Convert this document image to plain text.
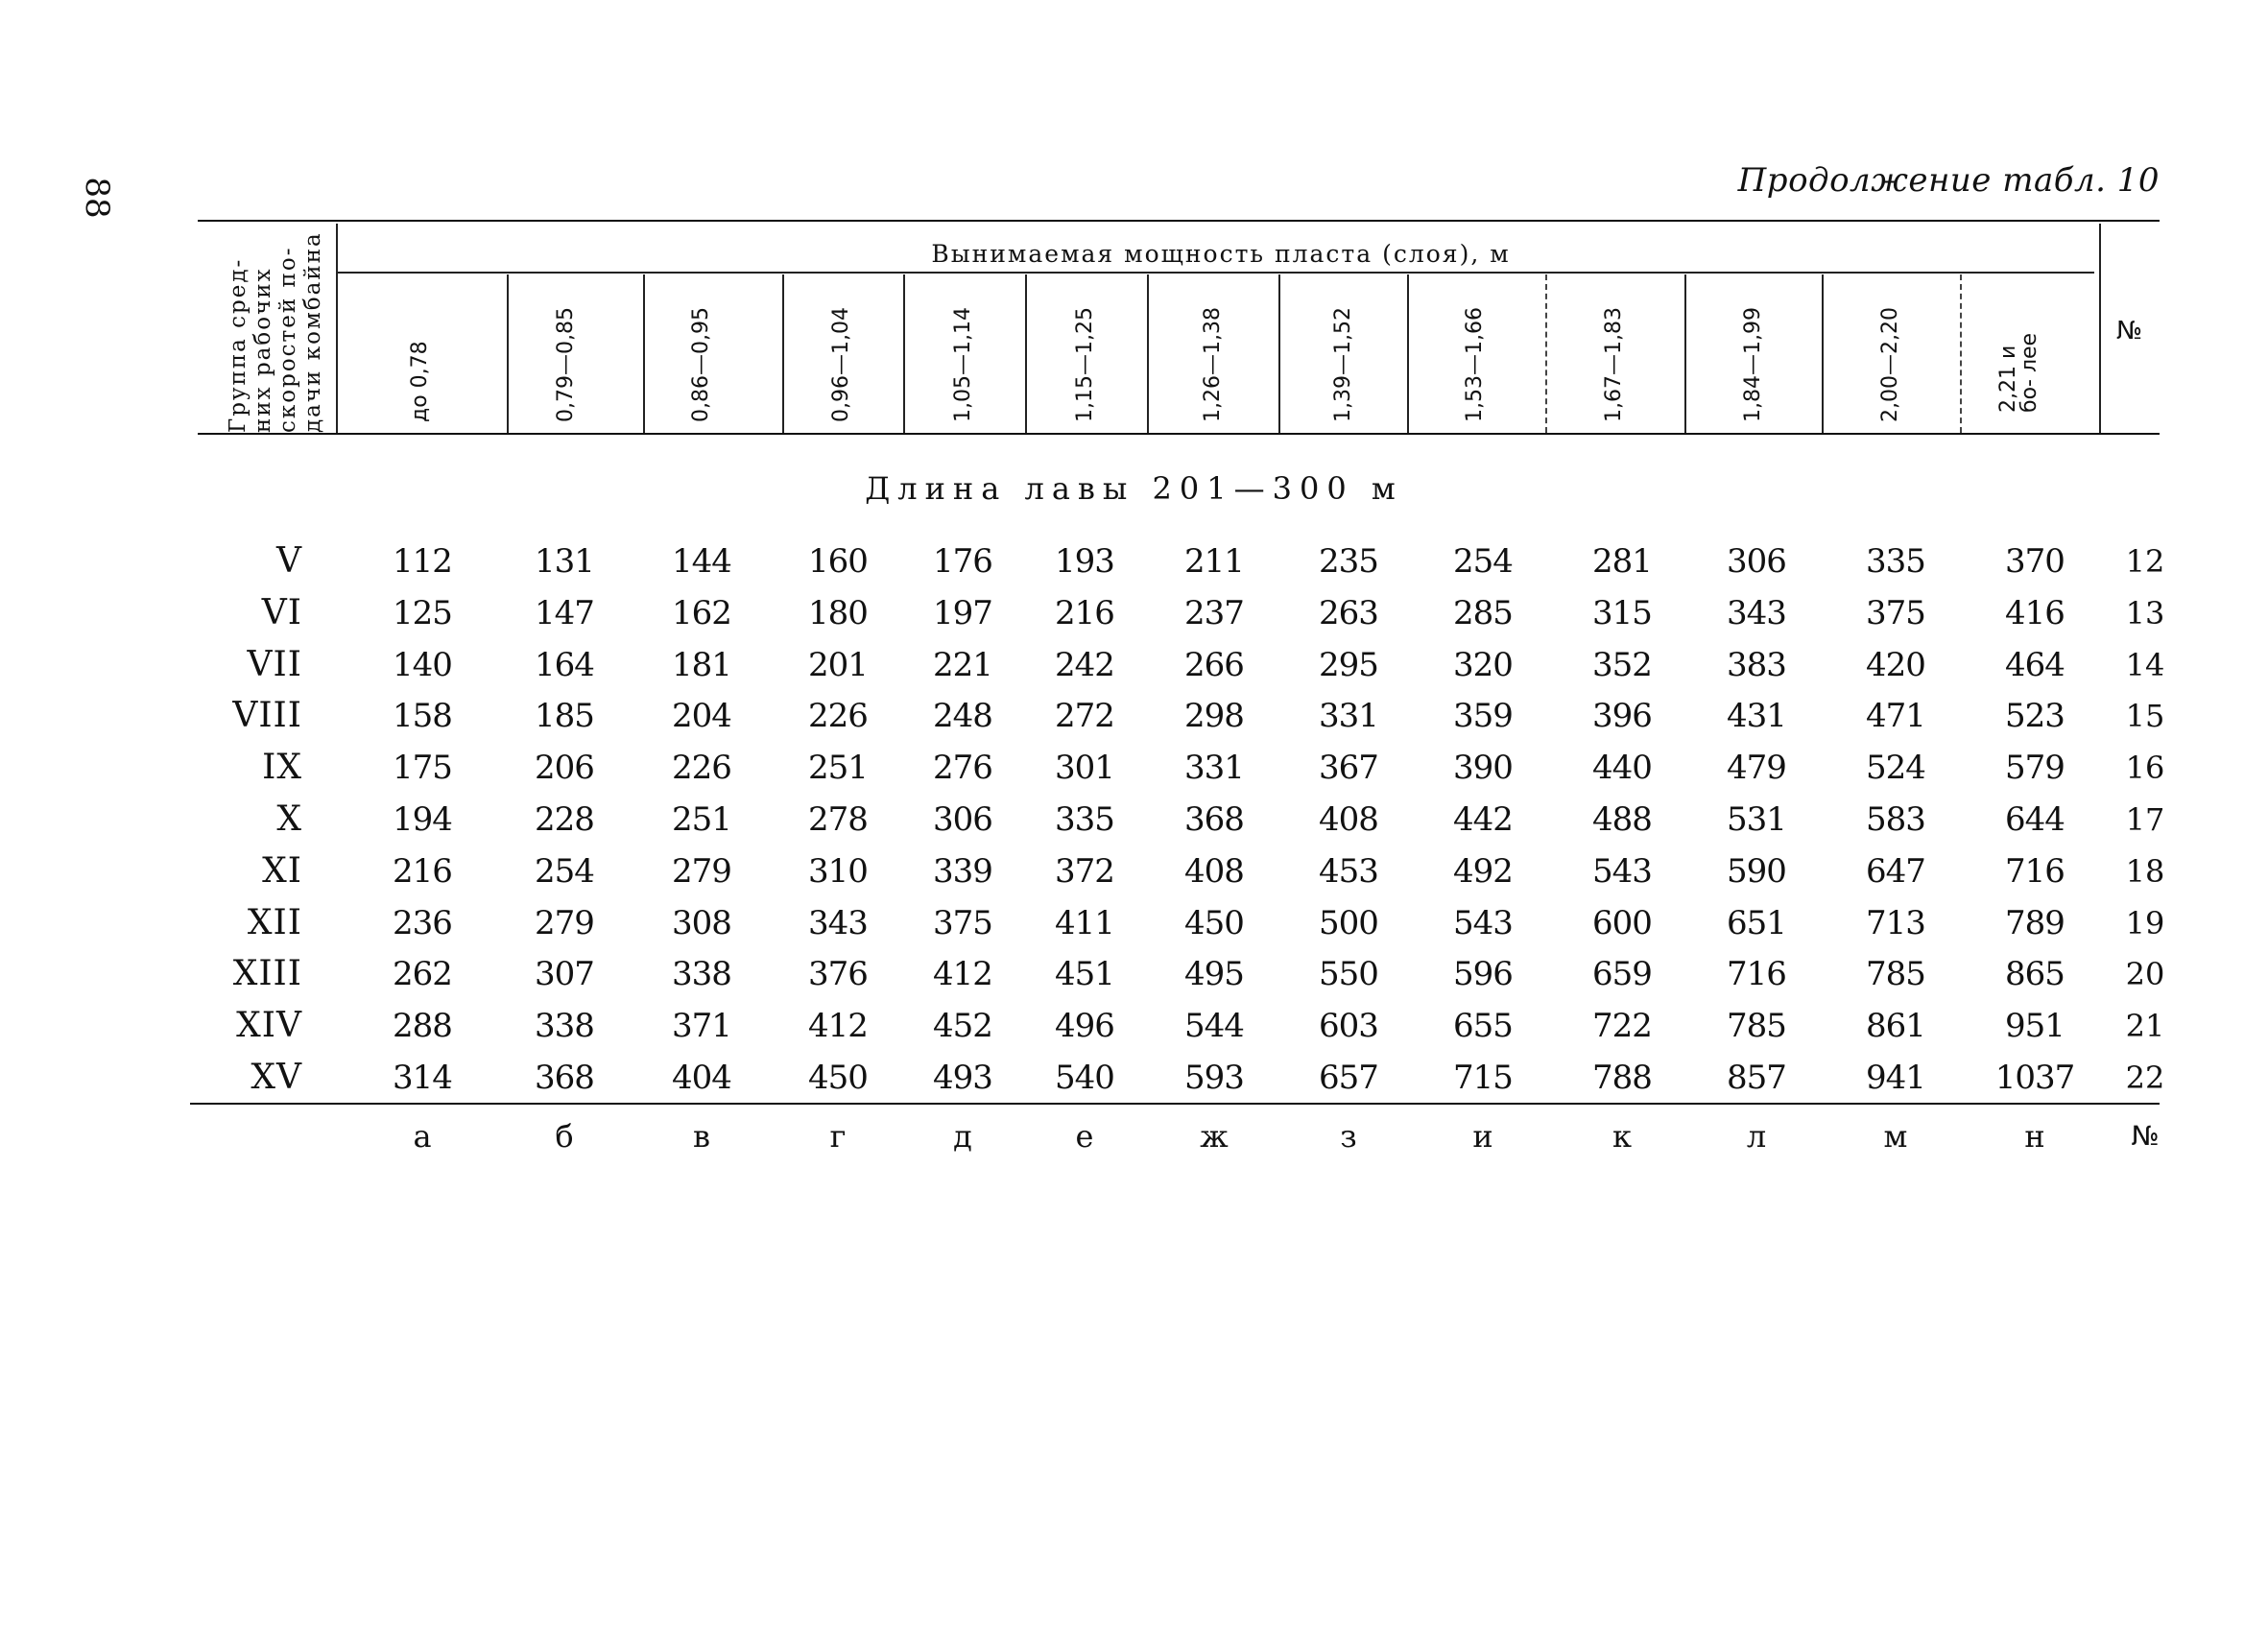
88	Продолжение табл. 10
Группа сред- них рабочих скоростей по- дачи комбайна	Вынимаемая мощность пласта (слоя), м
до 0,78	0,79—0,85	0,86—0,95	0,96—1,04	1,05—1,14	1,15—1,25	1,26—1,38	1,39—1,52	1,53—1,66	1,67—1,83	1,84—1,99	2,00—2,20	2,21 и бо- лее
№
Длина лавы 201—300 м
V	112	131	144	160	176	193	211	235	254	281	306	335	370	12
VI	125	147	162	180	197	216	237	263	285	315	343	375	416	13
VII	140	164	181	201	221	242	266	295	320	352	383	420	464	14
VIII	158	185	204	226	248	272	298	331	359	396	431	471	523	15
IX	175	206	226	251	276	301	331	367	390	440	479	524	579	16
X	194	228	251	278	306	335	368	408	442	488	531	583	644	17
XI	216	254	279	310	339	372	408	453	492	543	590	647	716	18
XII	236	279	308	343	375	411	450	500	543	600	651	713	789	19
XIII	262	307	338	376	412	451	495	550	596	659	716	785	865	20
XIV	288	338	371	412	452	496	544	603	655	722	785	861	951	21
XV	314	368	404	450	493	540	593	657	715	788	857	941	1037	22
а	б	в	г	д	е	ж	з	и	к	л	м	н	№
